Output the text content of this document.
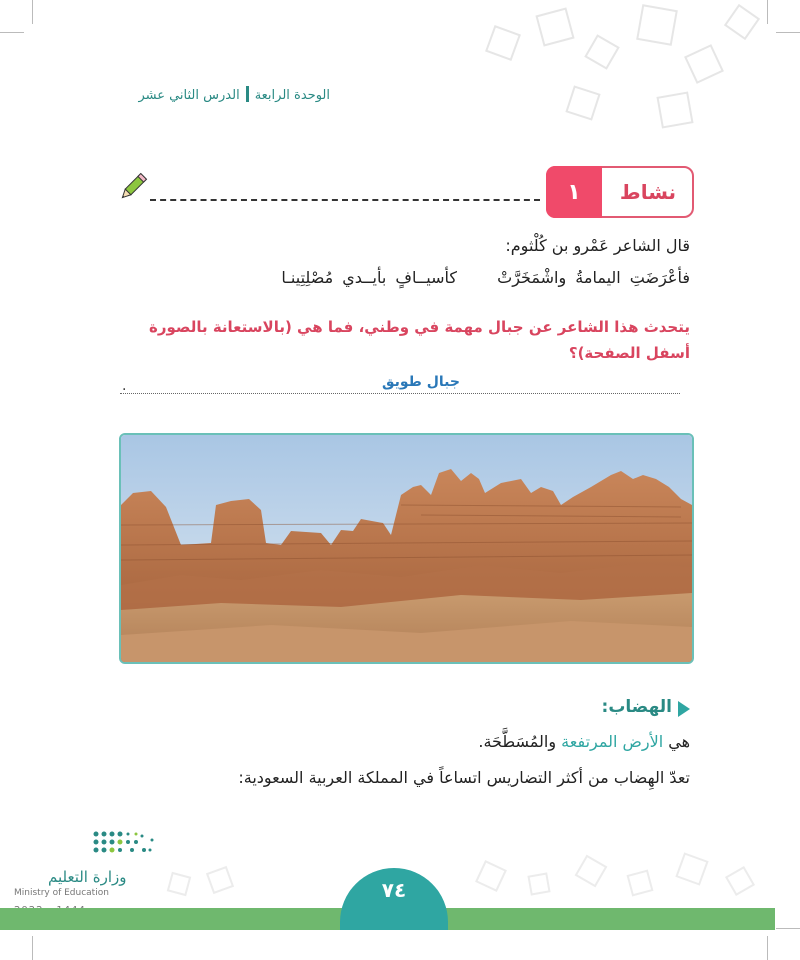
الوحدة الرابعةالدرس الثاني عشر
١	نشاط
قال الشاعر عَمْرو بن كُلْثوم:
فأعْرَضَتِ اليمامةُ واشْمَخَرَّتْ  كأسيــافٍ بأيــدي مُصْلِتِينـا
يتحدث هذا الشاعر عن جبال مهمة في وطني، فما هي (بالاستعانة بالصورة أسفل الصفحة)؟
.	جبال طويق
الهضاب:
هي الأرض المرتفعة والمُسَطَّحَة.
تعدّ الهِضاب من أكثر التضاريس اتساعاً في المملكة العربية السعودية:
وزارة التعليم
Ministry of Education	٧٤
